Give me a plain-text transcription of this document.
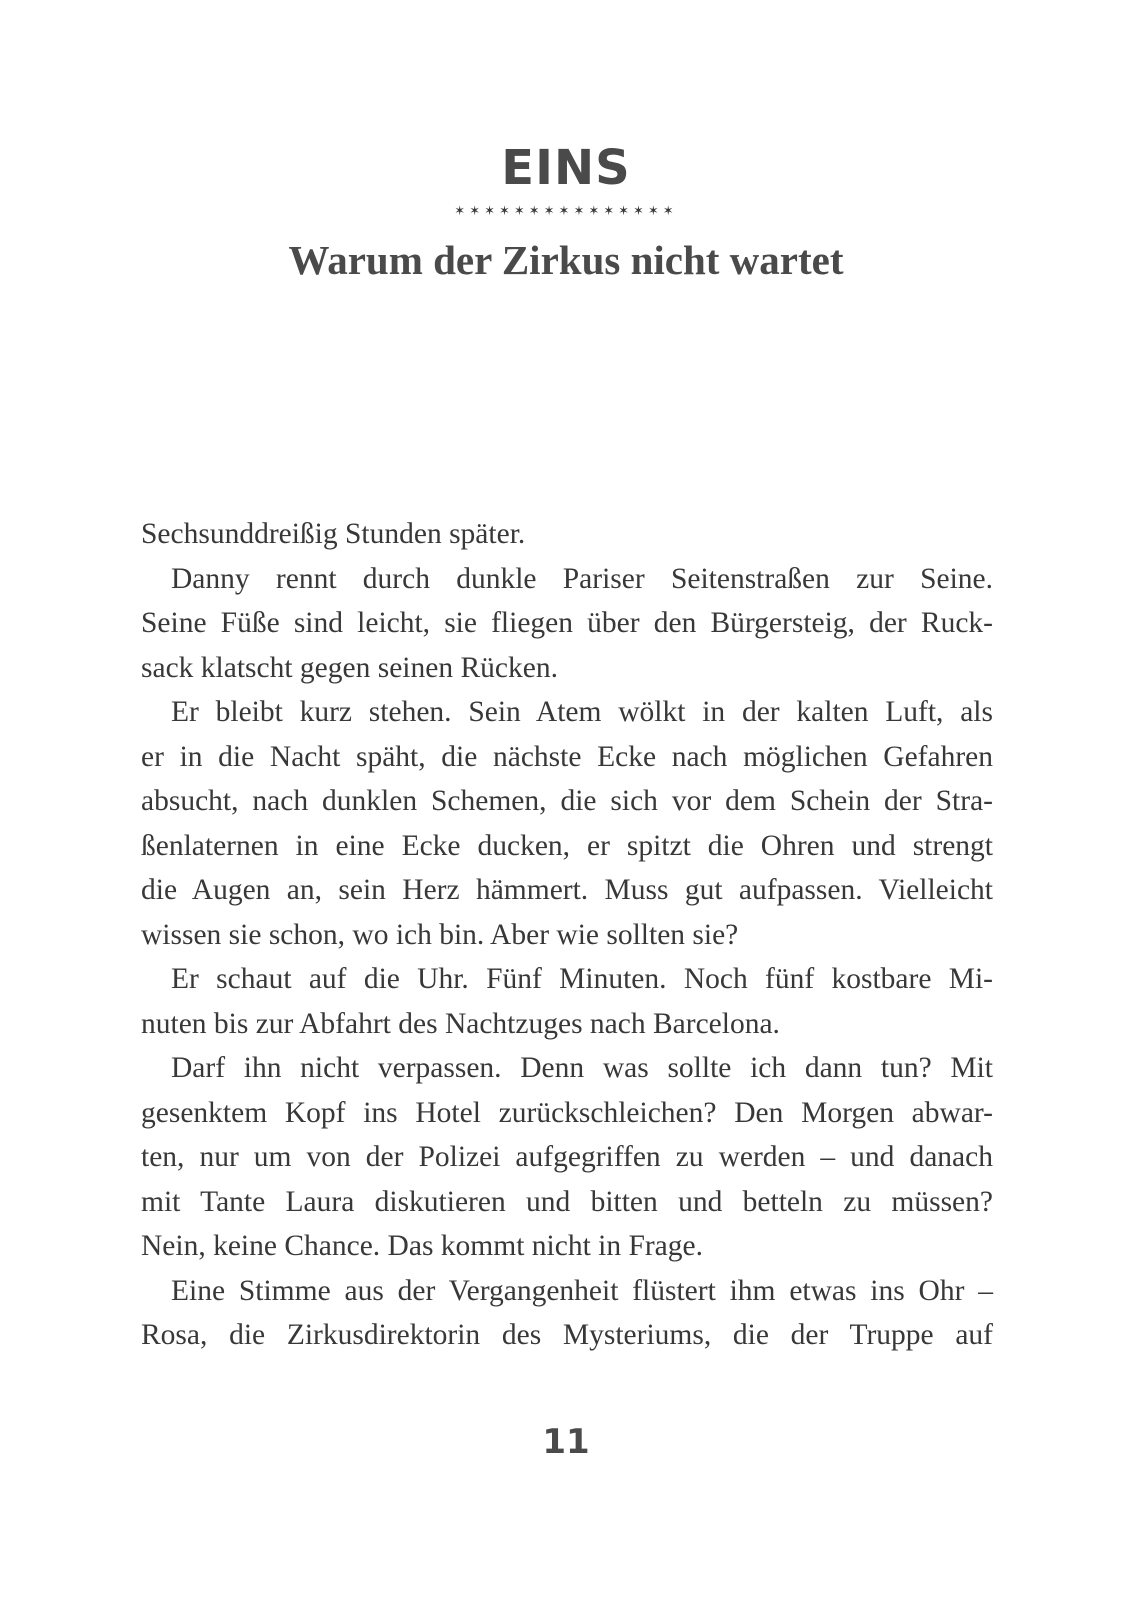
EINS
✶✶✶✶✶✶✶✶✶✶✶✶✶✶✶
Warum der Zirkus nicht wartet

Sechsunddreißig Stunden später.

Danny rennt durch dunkle Pariser Seitenstraßen zur Seine.

Seine Füße sind leicht, sie fliegen über den Bürgersteig, der Ruck-

sack klatscht gegen seinen Rücken.

Er bleibt kurz stehen. Sein Atem wölkt in der kalten Luft, als

er in die Nacht späht, die nächste Ecke nach möglichen Gefahren

absucht, nach dunklen Schemen, die sich vor dem Schein der Stra-

ßenlaternen in eine Ecke ducken, er spitzt die Ohren und strengt

die Augen an, sein Herz hämmert. Muss gut aufpassen. Vielleicht

wissen sie schon, wo ich bin. Aber wie sollten sie?

Er schaut auf die Uhr. Fünf Minuten. Noch fünf kostbare Mi-

nuten bis zur Abfahrt des Nachtzuges nach Barcelona.

Darf ihn nicht verpassen. Denn was sollte ich dann tun? Mit

gesenktem Kopf ins Hotel zurückschleichen? Den Morgen abwar-

ten, nur um von der Polizei aufgegriffen zu werden – und danach

mit Tante Laura diskutieren und bitten und betteln zu müssen?

Nein, keine Chance. Das kommt nicht in Frage.

Eine Stimme aus der Vergangenheit flüstert ihm etwas ins Ohr –

Rosa, die Zirkusdirektorin des Mysteriums, die der Truppe auf

11
